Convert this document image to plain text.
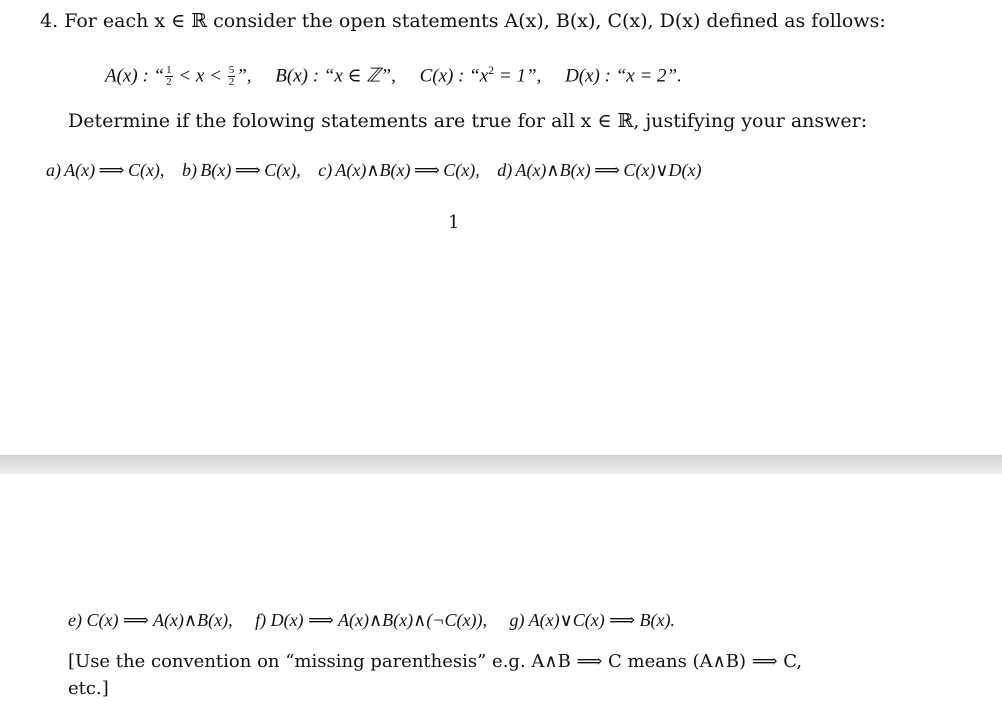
4. For each x ∈ ℝ consider the open statements A(x), B(x), C(x), D(x) defined as follows:
A(x) : “ $\frac{1}{2} < x < \frac{5}{2}$ ”, B(x) : “x ∈ ℤ”, C(x) : “$x^2 = 1$”, D(x) : “x = 2”.
Determine if the folowing statements are true for all x ∈ ℝ, justifying your answer:
a) A(x) ⟹ C(x), b) B(x) ⟹ C(x), c) A(x)∧B(x) ⟹ C(x), d) A(x)∧B(x) ⟹ C(x)∨D(x)
1
e) C(x) ⟹ A(x)∧B(x), f) D(x) ⟹ A(x)∧B(x)∧(¬C(x)), g) A(x)∨C(x) ⟹ B(x).
[Use the convention on “missing parenthesis” e.g. A∧B ⟹ C means (A∧B) ⟹ C,
etc.]
